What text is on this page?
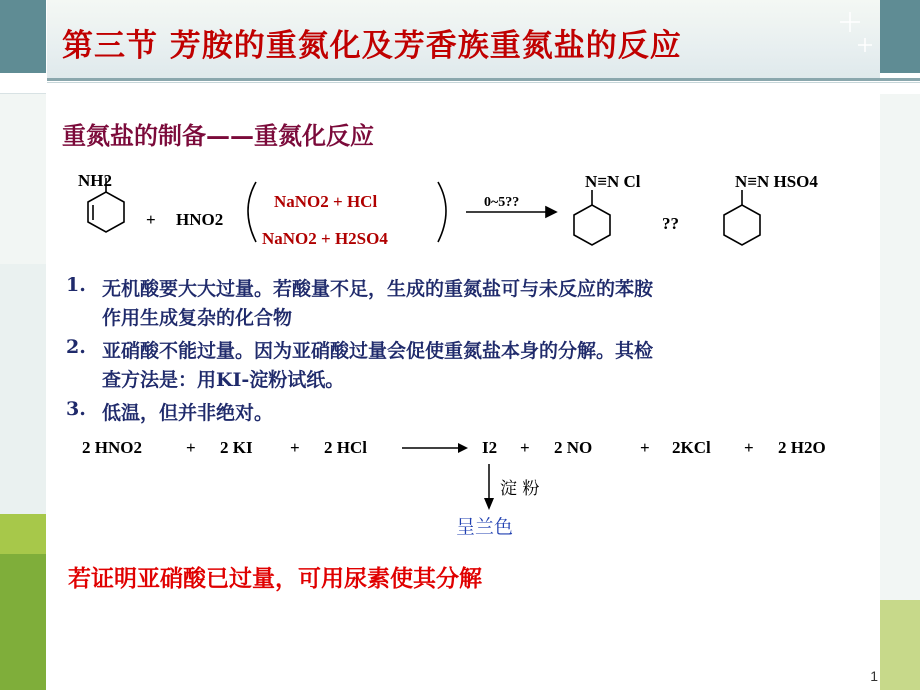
第三节 芳胺的重氮化及芳香族重氮盐的反应
重氮盐的制备——重氮化反应
NH2
+ HNO2
NaNO2 + HCl
NaNO2 + H2SO4
0~5??
N≡N Cl
??
N≡N HSO4
1. 无机酸要大大过量。若酸量不足，生成的重氮盐可与未反应的苯胺
作用生成复杂的化合物
2. 亚硝酸不能过量。因为亚硝酸过量会促使重氮盐本身的分解。其检
查方法是：用KI-淀粉试纸。
3. 低温，但并非绝对。
2 HNO2	+ 2 KI + 2 HCl	I2 + 2 NO	+ 2KCl + 2 H2O
淀 粉
呈兰色
若证明亚硝酸已过量，可用尿素使其分解
1
